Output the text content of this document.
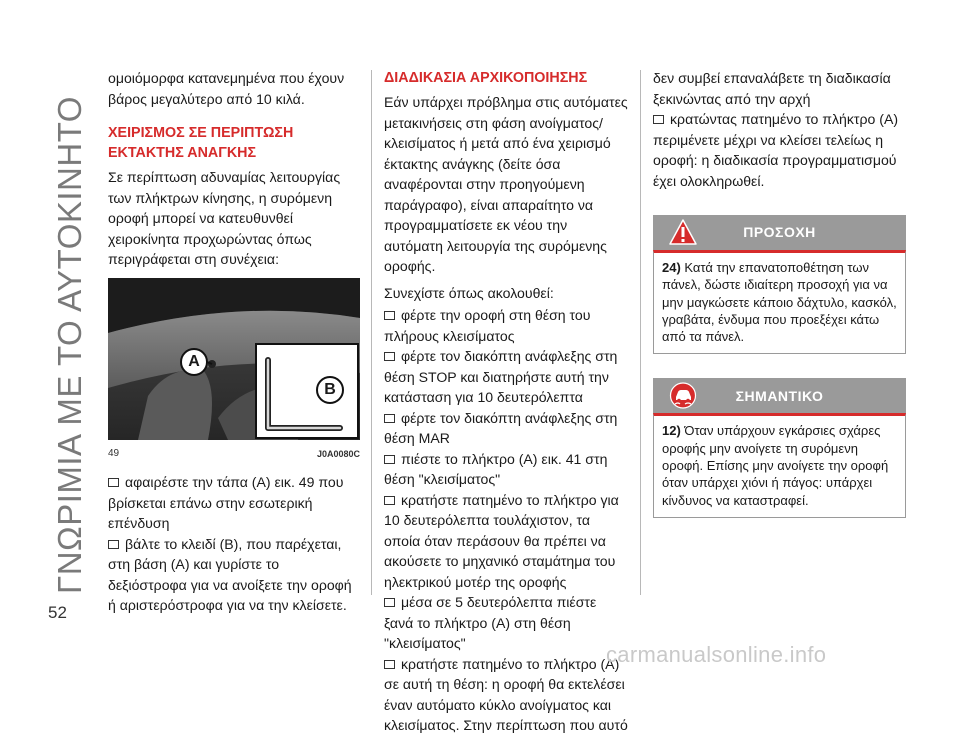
ΓΝΩΡΙΜΙΑ ΜΕ ΤΟ ΑΥΤΟΚΙΝΗΤΟ
52

ομοιόμορφα κατανεμημένα που έχουν βάρος μεγαλύτερο από 10 κιλά.

ΧΕΙΡΙΣΜΟΣ ΣΕ ΠΕΡΙΠΤΩΣΗ ΕΚΤΑΚΤΗΣ ΑΝΑΓΚΗΣ

Σε περίπτωση αδυναμίας λειτουργίας των πλήκτρων κίνησης, η συρόμενη οροφή μπορεί να κατευθυνθεί χειροκίνητα προχωρώντας όπως περιγράφεται στη συνέχεια:

A
B
49	J0A0080C
αφαιρέστε την τάπα (A) εικ. 49 που βρίσκεται επάνω στην εσωτερική επένδυση
βάλτε το κλειδί (B), που παρέχεται, στη βάση (A) και γυρίστε το δεξιόστροφα για να ανοίξετε την οροφή ή αριστερόστροφα για να την κλείσετε.
ΔΙΑΔΙΚΑΣΙΑ ΑΡΧΙΚΟΠΟΙΗΣΗΣ

Εάν υπάρχει πρόβλημα στις αυτόματες μετακινήσεις στη φάση ανοίγματος/κλεισίματος ή μετά από ένα χειρισμό έκτακτης ανάγκης (δείτε όσα αναφέρονται στην προηγούμενη παράγραφο), είναι απαραίτητο να προγραμματίσετε εκ νέου την αυτόματη λειτουργία της συρόμενης οροφής.

Συνεχίστε όπως ακολουθεί:

φέρτε την οροφή στη θέση του πλήρους κλεισίματος
φέρτε τον διακόπτη ανάφλεξης στη θέση STOP και διατηρήστε αυτή την κατάσταση για 10 δευτερόλεπτα
φέρτε τον διακόπτη ανάφλεξης στη θέση MAR
πιέστε το πλήκτρο (A) εικ. 41 στη θέση "κλεισίματος"
κρατήστε πατημένο το πλήκτρο για 10 δευτερόλεπτα τουλάχιστον, τα οποία όταν περάσουν θα πρέπει να ακούσετε το μηχανικό σταμάτημα του ηλεκτρικού μοτέρ της οροφής
μέσα σε 5 δευτερόλεπτα πιέστε ξανά το πλήκτρο (A) στη θέση "κλεισίματος"
κρατήστε πατημένο το πλήκτρο (A) σε αυτή τη θέση: η οροφή θα εκτελέσει έναν αυτόματο κύκλο ανοίγματος και κλεισίματος. Στην περίπτωση που αυτό

δεν συμβεί επαναλάβετε τη διαδικασία ξεκινώντας από την αρχή

κρατώντας πατημένο το πλήκτρο (A) περιμένετε μέχρι να κλείσει τελείως η οροφή: η διαδικασία προγραμματισμού έχει ολοκληρωθεί.
ΠΡΟΣΟΧΗ
24) Κατά την επανατοποθέτηση των πάνελ, δώστε ιδιαίτερη προσοχή για να μην μαγκώσετε κάποιο δάχτυλο, κασκόλ, γραβάτα, ένδυμα που προεξέχει κάτω από τα πάνελ.
ΣΗΜΑΝΤΙΚΟ
12) Όταν υπάρχουν εγκάρσιες σχάρες οροφής μην ανοίγετε τη συρόμενη οροφή. Επίσης μην ανοίγετε την οροφή όταν υπάρχει χιόνι ή πάγος: υπάρχει κίνδυνος να καταστραφεί.
carmanualsonline.info
